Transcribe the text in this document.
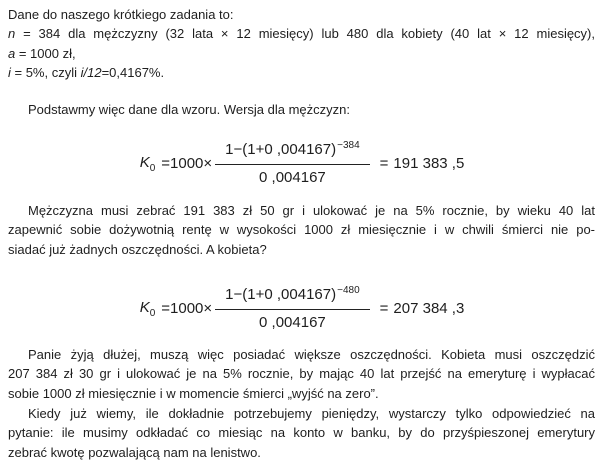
Dane do naszego krótkiego zadania to:
n = 384 dla mężczyzny (32 lata × 12 miesięcy) lub 480 dla kobiety (40 lat × 12 miesięcy),
a = 1000 zł,
i = 5%, czyli i/12=0,4167%.
Podstawmy więc dane dla wzoru. Wersja dla mężczyzn:
$K_0 = 1000 \times \frac{1-(1+0 ,004167)^{-384}}{0 ,004167} = 191$ 383 ,5
Mężczyzna musi zebrać 191 383 zł 50 gr i ulokować je na 5% rocznie, by wieku 40 lat
zapewnić sobie dożywotnią rentę w wysokości 1000 zł miesięcznie i w chwili śmierci nie po-
siadać już żadnych oszczędności. A kobieta?
$K_0 = 1000 \times \frac{1-(1+0 ,004167)^{-480}}{0 ,004167} = 207$ 384 ,3
Panie żyją dłużej, muszą więc posiadać większe oszczędności. Kobieta musi oszczędzić
207 384 zł 30 gr i ulokować je na 5% rocznie, by mając 40 lat przejść na emeryturę i wypłacać
sobie 1000 zł miesięcznie i w momencie śmierci „wyjść na zero”.
Kiedy już wiemy, ile dokładnie potrzebujemy pieniędzy, wystarczy tylko odpowiedzieć na
pytanie: ile musimy odkładać co miesiąc na konto w banku, by do przyśpieszonej emerytury
zebrać kwotę pozwalającą nam na lenistwo.
